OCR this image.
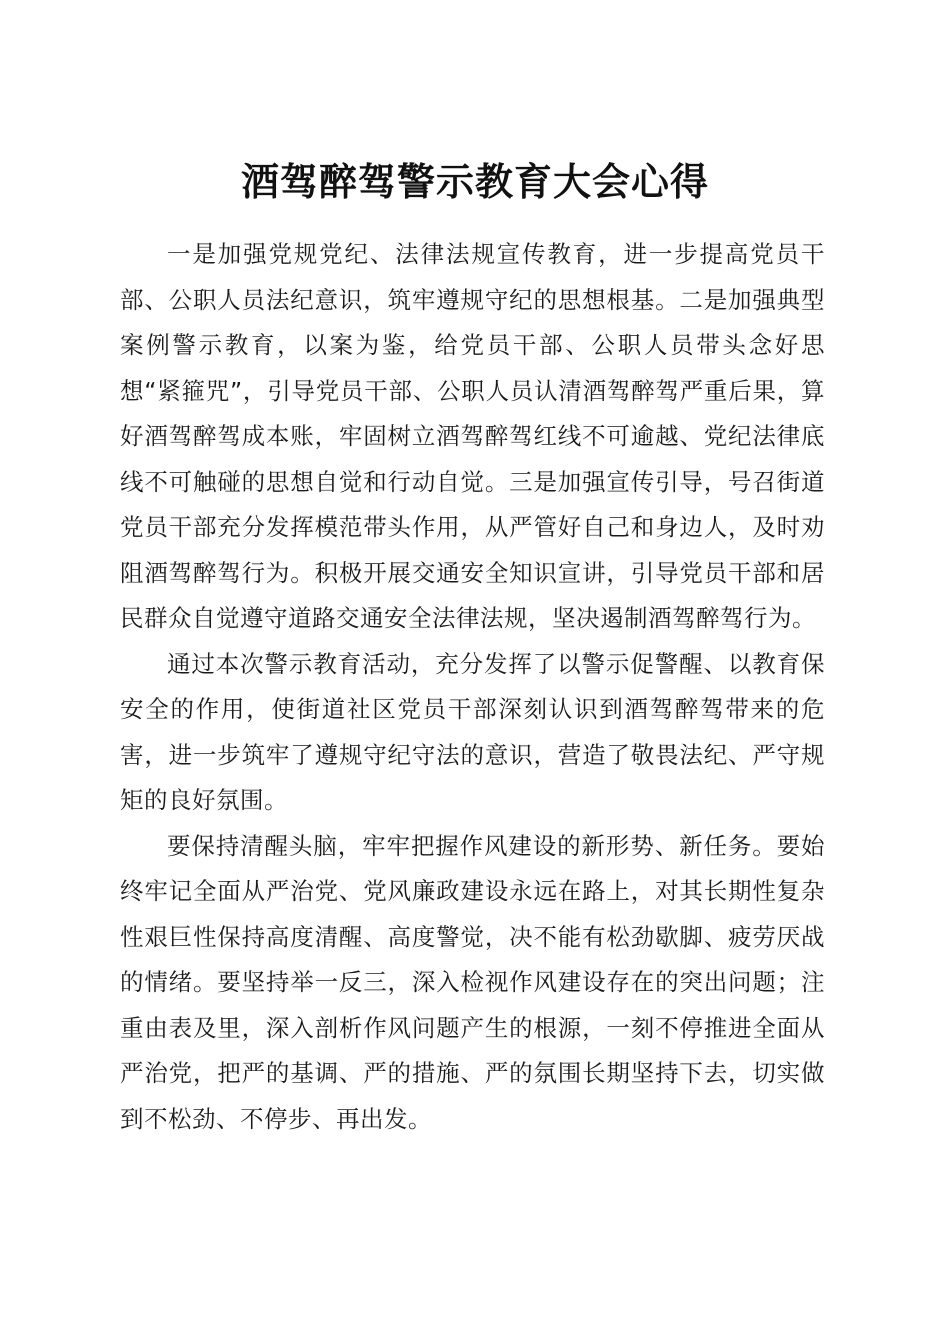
酒驾醉驾警示教育大会心得

一是加强党规党纪、法律法规宣传教育，进一步提高党员干部、公职人员法纪意识，筑牢遵规守纪的思想根基。二是加强典型案例警示教育，以案为鉴，给党员干部、公职人员带头念好思想“紧箍咒”，引导党员干部、公职人员认清酒驾醉驾严重后果，算好酒驾醉驾成本账，牢固树立酒驾醉驾红线不可逾越、党纪法律底线不可触碰的思想自觉和行动自觉。三是加强宣传引导，号召街道党员干部充分发挥模范带头作用，从严管好自己和身边人，及时劝阻酒驾醉驾行为。积极开展交通安全知识宣讲，引导党员干部和居民群众自觉遵守道路交通安全法律法规，坚决遏制酒驾醉驾行为。

通过本次警示教育活动，充分发挥了以警示促警醒、以教育保安全的作用，使街道社区党员干部深刻认识到酒驾醉驾带来的危害，进一步筑牢了遵规守纪守法的意识，营造了敬畏法纪、严守规矩的良好氛围。

要保持清醒头脑，牢牢把握作风建设的新形势、新任务。要始终牢记全面从严治党、党风廉政建设永远在路上，对其长期性复杂性艰巨性保持高度清醒、高度警觉，决不能有松劲歇脚、疲劳厌战的情绪。要坚持举一反三，深入检视作风建设存在的突出问题；注重由表及里，深入剖析作风问题产生的根源，一刻不停推进全面从严治党，把严的基调、严的措施、严的氛围长期坚持下去，切实做到不松劲、不停步、再出发。
